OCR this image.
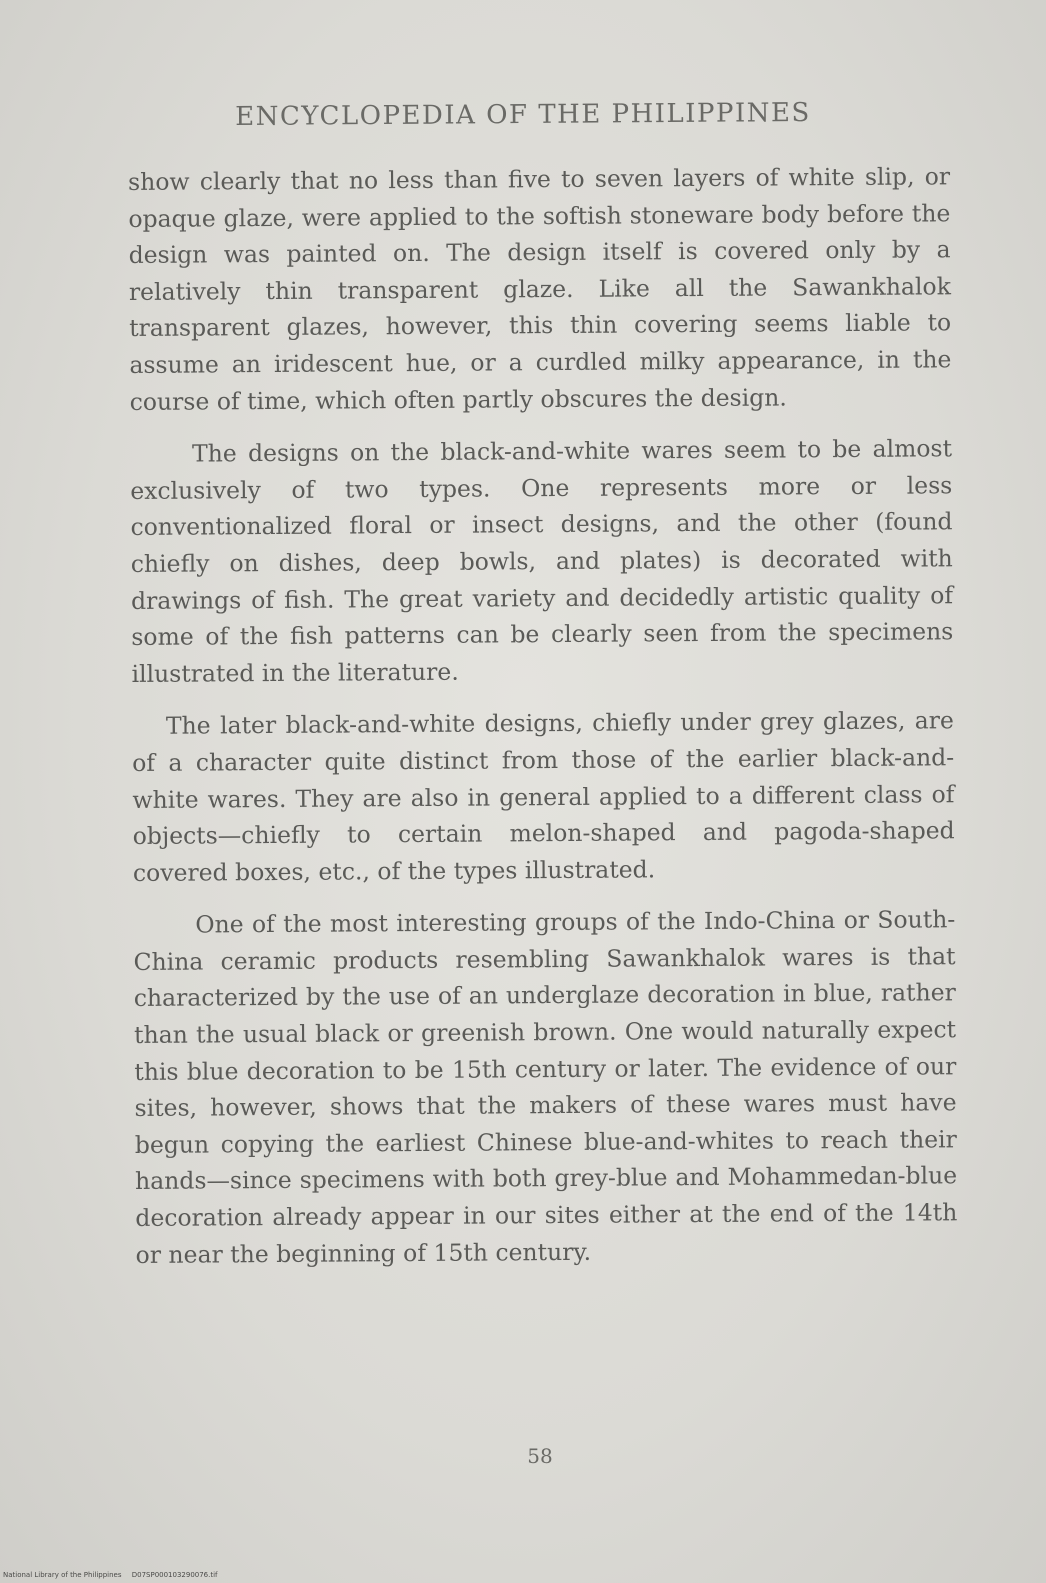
ENCYCLOPEDIA OF THE PHILIPPINES

show clearly that no less than five to seven layers of white slip, or opaque glaze, were applied to the softish stoneware body before the design was painted on. The design itself is covered only by a relatively thin transparent glaze. Like all the Sawankhalok transparent glazes, however, this thin covering seems liable to assume an iridescent hue, or a curdled milky appearance, in the course of time, which often partly obscures the design.

The designs on the black-and-white wares seem to be almost exclusively of two types. One represents more or less conventionalized floral or insect designs, and the other (found chiefly on dishes, deep bowls, and plates) is decorated with drawings of fish. The great variety and decidedly artistic quality of some of the fish patterns can be clearly seen from the specimens illustrated in the literature.

The later black-and-white designs, chiefly under grey glazes, are of a character quite distinct from those of the earlier black-and-white wares. They are also in general applied to a different class of objects—chiefly to certain melon-shaped and pagoda-shaped covered boxes, etc., of the types illustrated.

One of the most interesting groups of the Indo-China or South-China ceramic products resembling Sawankhalok wares is that characterized by the use of an underglaze decoration in blue, rather than the usual black or greenish brown. One would naturally expect this blue decoration to be 15th century or later. The evidence of our sites, however, shows that the makers of these wares must have begun copying the earliest Chinese blue-and-whites to reach their hands—since specimens with both grey-blue and Mohammedan-blue decoration already appear in our sites either at the end of the 14th or near the beginning of 15th century.

58
National Library of the Philippines D07SP000103290076.tif
